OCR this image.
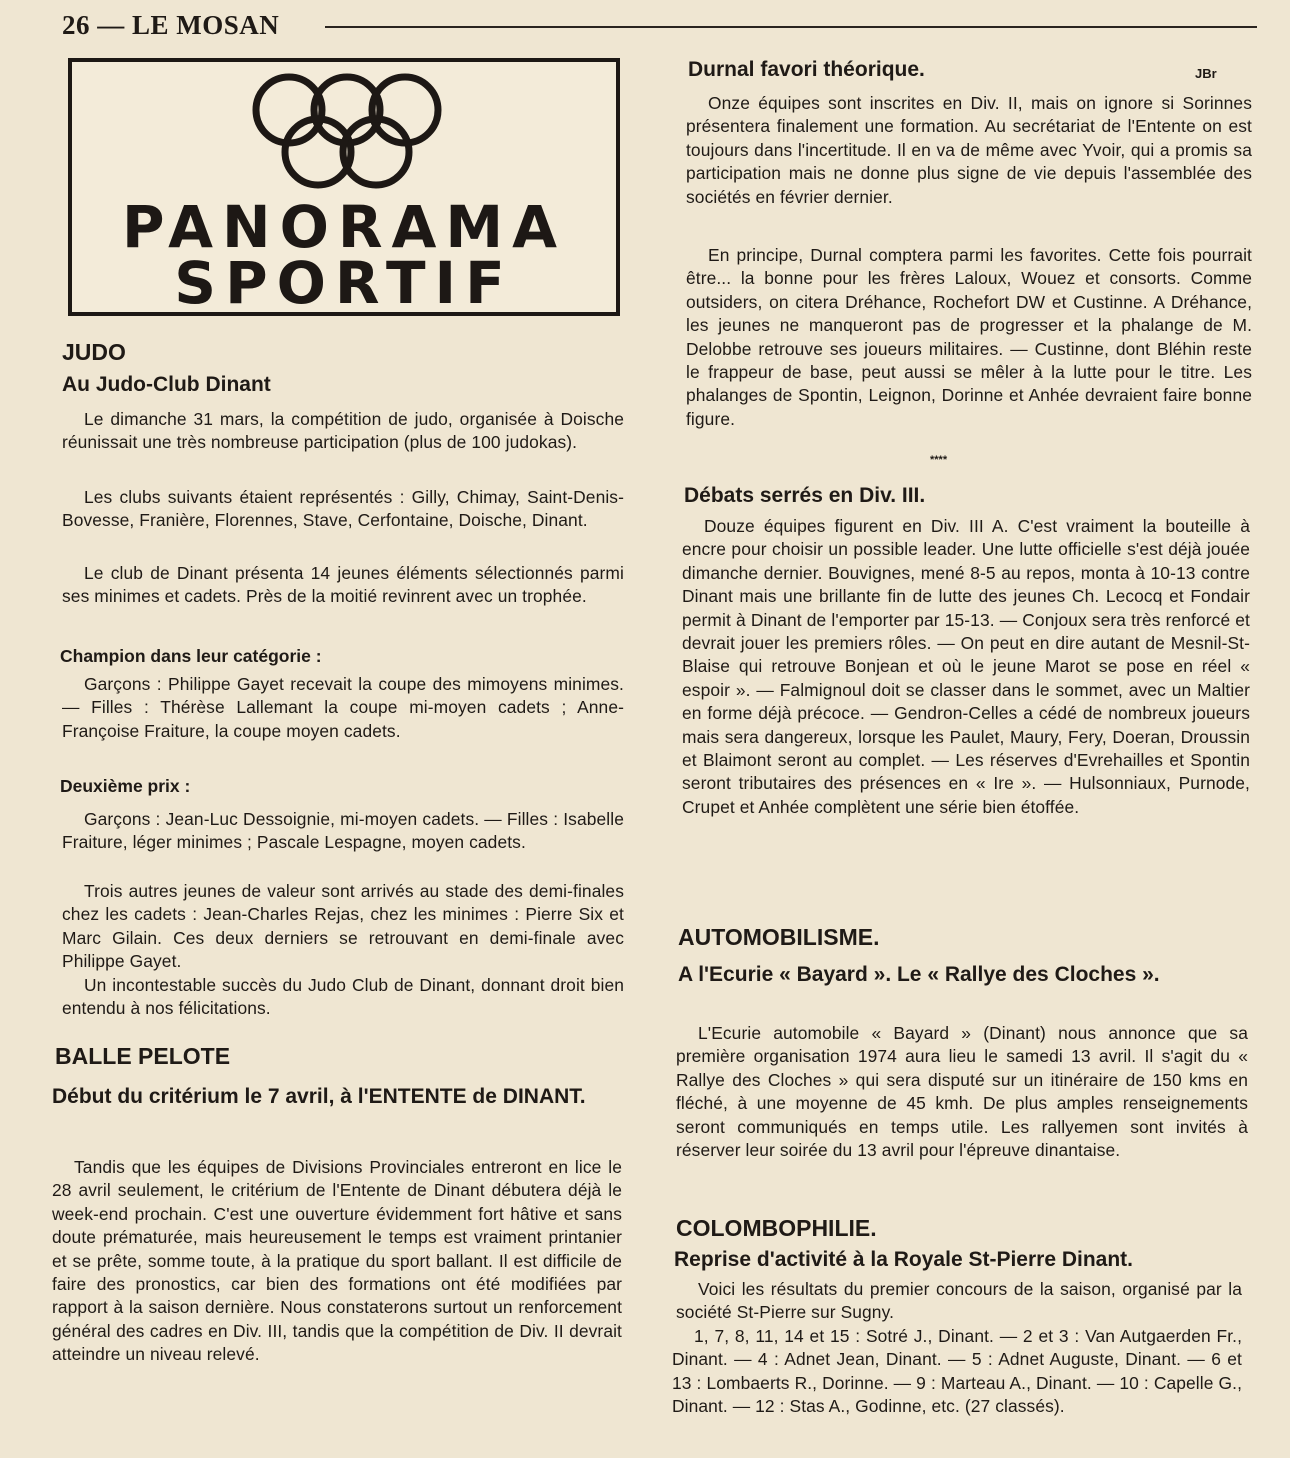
26 — LE MOSAN
PANORAMA
SPORTIF
JUDO
Au Judo-Club Dinant

Le dimanche 31 mars, la compétition de judo, organisée à Doische réunissait une très nombreuse participation (plus de 100 judokas).

Les clubs suivants étaient représentés : Gilly, Chimay, Saint-Denis-Bovesse, Franière, Florennes, Stave, Cerfontaine, Doische, Dinant.

Le club de Dinant présenta 14 jeunes éléments sélectionnés parmi ses minimes et cadets. Près de la moitié revinrent avec un trophée.

Champion dans leur catégorie :

Garçons : Philippe Gayet recevait la coupe des mimoyens minimes. — Filles : Thérèse Lallemant la coupe mi-moyen cadets ; Anne-Françoise Fraiture, la coupe moyen cadets.

Deuxième prix :

Garçons : Jean-Luc Dessoignie, mi-moyen cadets. — Filles : Isabelle Fraiture, léger minimes ; Pascale Lespagne, moyen cadets.

Trois autres jeunes de valeur sont arrivés au stade des demi-finales chez les cadets : Jean-Charles Rejas, chez les minimes : Pierre Six et Marc Gilain. Ces deux derniers se retrouvant en demi-finale avec Philippe Gayet.

Un incontestable succès du Judo Club de Dinant, donnant droit bien entendu à nos félicitations.

BALLE PELOTE
Début du critérium le 7 avril, à l'ENTENTE de DINANT.

Tandis que les équipes de Divisions Provinciales entreront en lice le 28 avril seulement, le critérium de l'Entente de Dinant débutera déjà le week-end prochain. C'est une ouverture évidemment fort hâtive et sans doute prématurée, mais heureusement le temps est vraiment printanier et se prête, somme toute, à la pratique du sport ballant. Il est difficile de faire des pronostics, car bien des formations ont été modifiées par rapport à la saison dernière. Nous constaterons surtout un renforcement général des cadres en Div. III, tandis que la compétition de Div. II devrait atteindre un niveau relevé.

Durnal favori théorique.	JBr

Onze équipes sont inscrites en Div. II, mais on ignore si Sorinnes présentera finalement une formation. Au secrétariat de l'Entente on est toujours dans l'incertitude. Il en va de même avec Yvoir, qui a promis sa participation mais ne donne plus signe de vie depuis l'assemblée des sociétés en février dernier.

En principe, Durnal comptera parmi les favorites. Cette fois pourrait être... la bonne pour les frères Laloux, Wouez et consorts. Comme outsiders, on citera Dréhance, Rochefort DW et Custinne. A Dréhance, les jeunes ne manqueront pas de progresser et la phalange de M. Delobbe retrouve ses joueurs militaires. — Custinne, dont Bléhin reste le frappeur de base, peut aussi se mêler à la lutte pour le titre. Les phalanges de Spontin, Leignon, Dorinne et Anhée devraient faire bonne figure.

****
Débats serrés en Div. III.

Douze équipes figurent en Div. III A. C'est vraiment la bouteille à encre pour choisir un possible leader. Une lutte officielle s'est déjà jouée dimanche dernier. Bouvignes, mené 8-5 au repos, monta à 10-13 contre Dinant mais une brillante fin de lutte des jeunes Ch. Lecocq et Fondair permit à Dinant de l'emporter par 15-13. — Conjoux sera très renforcé et devrait jouer les premiers rôles. — On peut en dire autant de Mesnil-St-Blaise qui retrouve Bonjean et où le jeune Marot se pose en réel « espoir ». — Falmignoul doit se classer dans le sommet, avec un Maltier en forme déjà précoce. — Gendron-Celles a cédé de nombreux joueurs mais sera dangereux, lorsque les Paulet, Maury, Fery, Doeran, Droussin et Blaimont seront au complet. — Les réserves d'Evrehailles et Spontin seront tributaires des présences en « Ire ». — Hulsonniaux, Purnode, Crupet et Anhée complètent une série bien étoffée.

AUTOMOBILISME.
A l'Ecurie « Bayard ». Le « Rallye des Cloches ».

L'Ecurie automobile « Bayard » (Dinant) nous annonce que sa première organisation 1974 aura lieu le samedi 13 avril. Il s'agit du « Rallye des Cloches » qui sera disputé sur un itinéraire de 150 kms en fléché, à une moyenne de 45 kmh. De plus amples renseignements seront communiqués en temps utile. Les rallyemen sont invités à réserver leur soirée du 13 avril pour l'épreuve dinantaise.

COLOMBOPHILIE.
Reprise d'activité à la Royale St-Pierre Dinant.

Voici les résultats du premier concours de la saison, organisé par la société St-Pierre sur Sugny.

1, 7, 8, 11, 14 et 15 : Sotré J., Dinant. — 2 et 3 : Van Autgaerden Fr., Dinant. — 4 : Adnet Jean, Dinant. — 5 : Adnet Auguste, Dinant. — 6 et 13 : Lombaerts R., Dorinne. — 9 : Marteau A., Dinant. — 10 : Capelle G., Dinant. — 12 : Stas A., Godinne, etc. (27 classés).
